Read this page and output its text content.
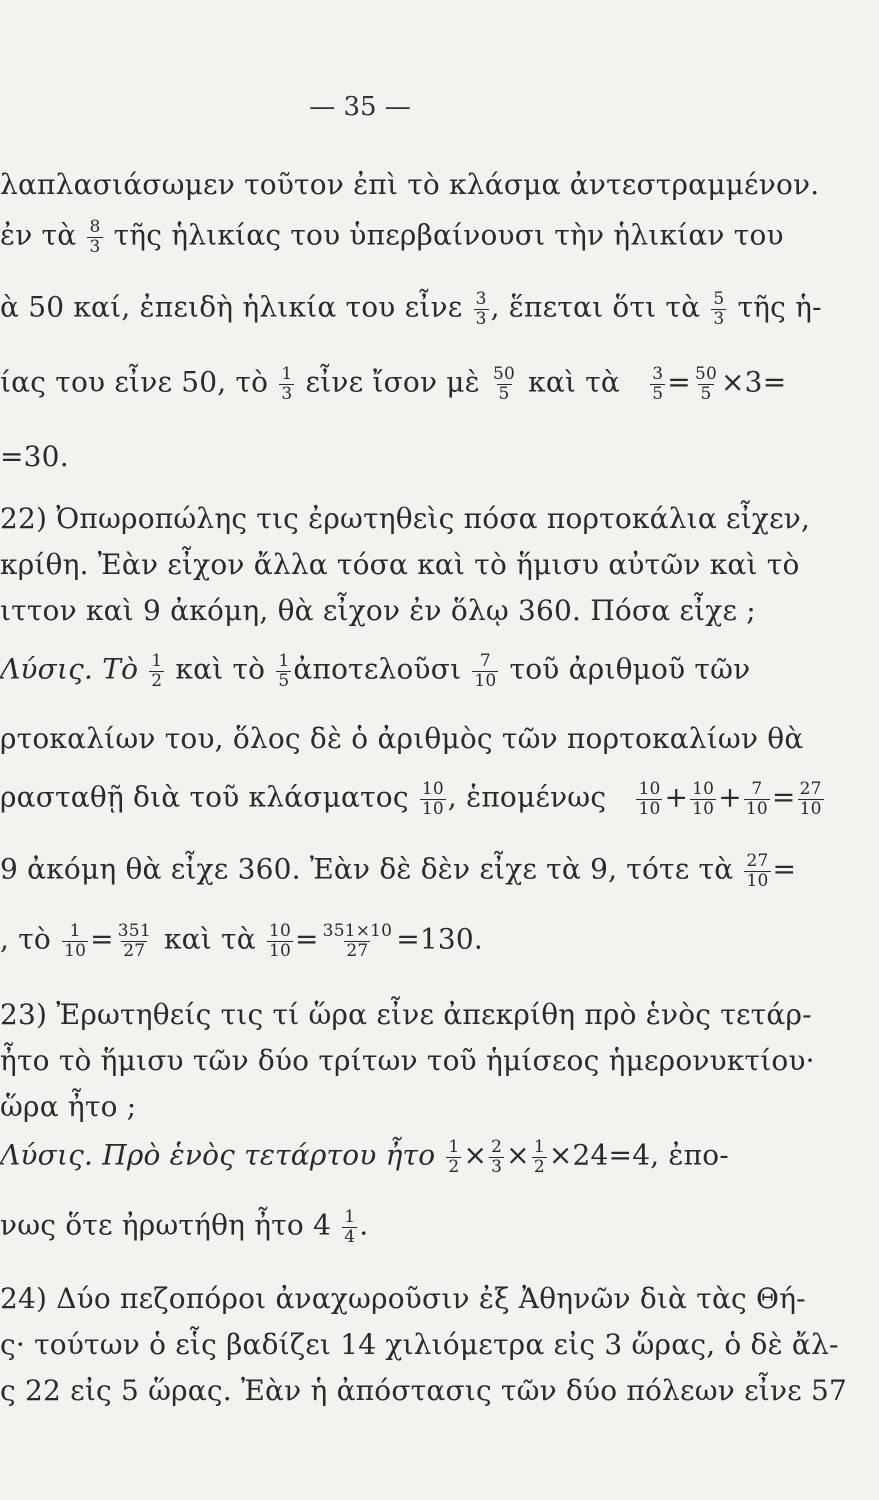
— 35 —
λαπλασιάσωμεν τοῦτον ἐπὶ τὸ κλάσμα ἀντεστραμμένον.
ἐν τὰ $\frac{8}{3}$ τῆς ἡλικίας του ὑπερβαίνουσι τὴν ἡλικίαν του
ὰ 50 καί, ἐπειδὴ ἡλικία του εἶνε $\frac{3}{3}$ , ἕπεται ὅτι τὰ $\frac{5}{3}$ τῆς ἡ-
ίας του εἶνε 50, τὸ $\frac{1}{3}$ εἶνε ἴσον μὲ $\frac{50}{5}$ καὶ τὰ $\frac{3}{5} = \frac{50}{5} \times 3=$
=30.
22) Ὀπωροπώλης τις ἐρωτηθεὶς πόσα πορτοκάλια εἶχεν,
κρίθη. Ἐὰν εἶχον ἄλλα τόσα καὶ τὸ ἥμισυ αὐτῶν καὶ τὸ
ιττον καὶ 9 ἀκόμη, θὰ εἶχον ἐν ὅλῳ 360. Πόσα εἶχε ;
Λύσις. Τὸ $\frac{1}{2}$ καὶ τὸ $\frac{1}{5}$ ἀποτελοῦσι $\frac{7}{10}$ τοῦ ἀριθμοῦ τῶν
ρτοκαλίων του, ὅλος δὲ ὁ ἀριθμὸς τῶν πορτοκαλίων θὰ
ρασταθῇ διὰ τοῦ κλάσματος $\frac{10}{10}$ , ἑπομένως $\frac{10}{10} + \frac{10}{10} + \frac{7}{10} = \frac{27}{10}$
9 ἀκόμη θὰ εἶχε 360. Ἐὰν δὲ δὲν εἶχε τὰ 9, τότε τὰ $\frac{27}{10}$ =
, τὸ $\frac{1}{10} = \frac{351}{27}$ καὶ τὰ $\frac{10}{10} = \frac{351\times 10}{27} =130$.
23) Ἐρωτηθείς τις τί ὥρα εἶνε ἀπεκρίθη πρὸ ἑνὸς τετάρ-
ἦτο τὸ ἥμισυ τῶν δύο τρίτων τοῦ ἡμίσεος ἡμερονυκτίου·
ὥρα ἦτο ;
Λύσις. Πρὸ ἑνὸς τετάρτου ἦτο $\frac{1}{2} \times \frac{2}{3} \times \frac{1}{2} \times 24=4$, ἐπο-
νως ὅτε ἠρωτήθη ἦτο $4 \frac{1}{4}$ .
24) Δύο πεζοπόροι ἀναχωροῦσιν ἐξ Ἀθηνῶν διὰ τὰς Θή-
ς· τούτων ὁ εἷς βαδίζει 14 χιλιόμετρα εἰς 3 ὥρας, ὁ δὲ ἄλ-
ς 22 εἰς 5 ὥρας. Ἐὰν ἡ ἀπόστασις τῶν δύο πόλεων εἶνε 57
